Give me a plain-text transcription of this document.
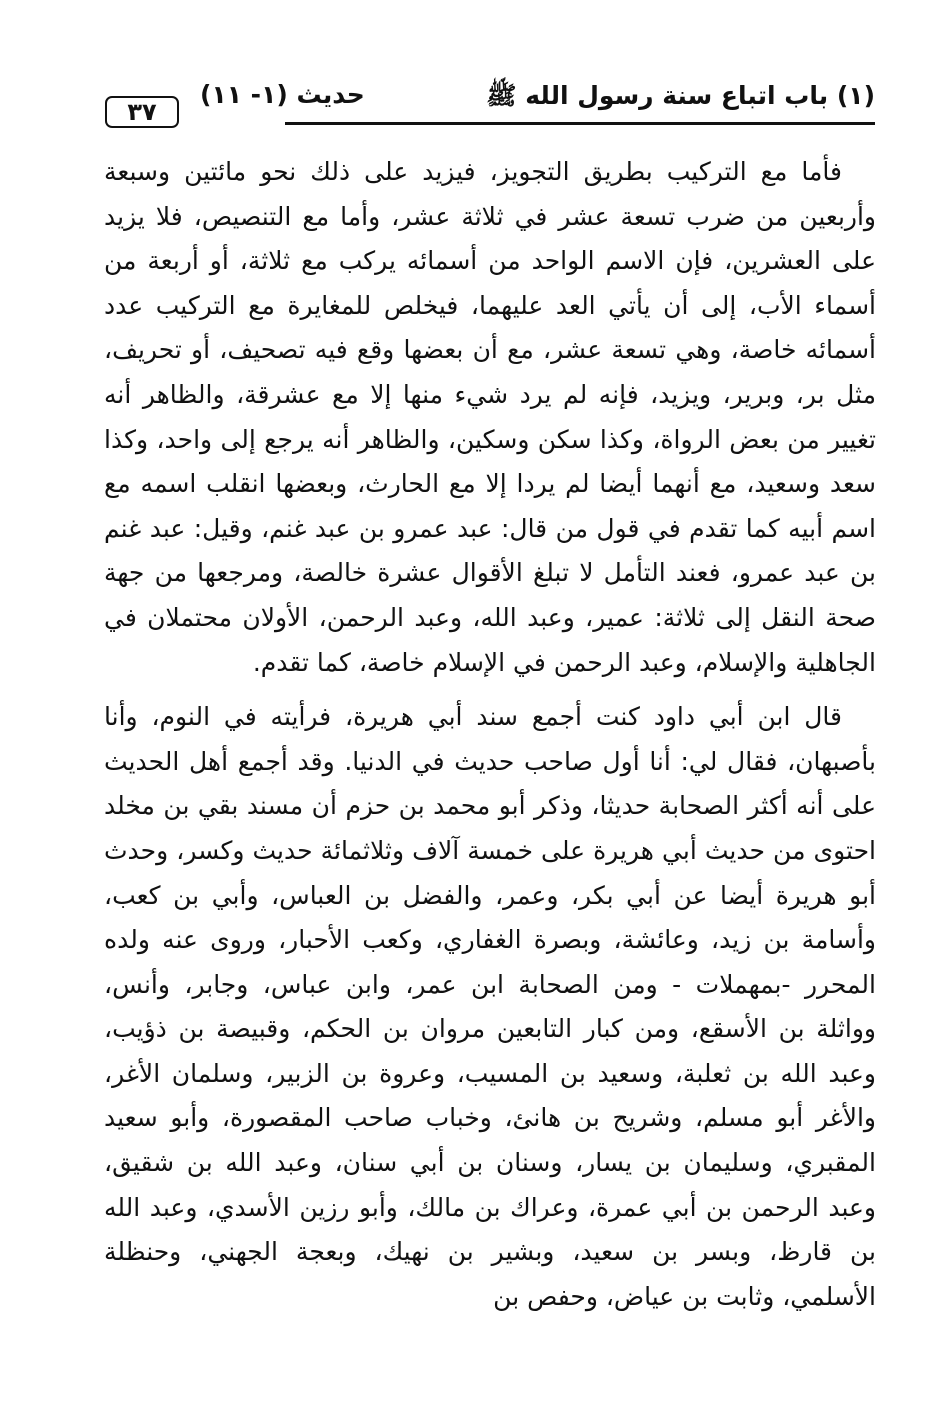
٣٧
حديث (١- ١١)	(١) باب اتباع سنة رسول الله ﷺ

فأما مع التركيب بطريق التجويز، فيزيد على ذلك نحو مائتين وسبعة وأربعين من ضرب تسعة عشر في ثلاثة عشر، وأما مع التنصيص، فلا يزيد على العشرين، فإن الاسم الواحد من أسمائه يركب مع ثلاثة، أو أربعة من أسماء الأب، إلى أن يأتي العد عليهما، فيخلص للمغايرة مع التركيب عدد أسمائه خاصة، وهي تسعة عشر، مع أن بعضها وقع فيه تصحيف، أو تحريف، مثل بر، وبرير، ويزيد، فإنه لم يرد شيء منها إلا مع عشرقة، والظاهر أنه تغيير من بعض الرواة، وكذا سكن وسكين، والظاهر أنه يرجع إلى واحد، وكذا سعد وسعيد، مع أنهما أيضا لم يردا إلا مع الحارث، وبعضها انقلب اسمه مع اسم أبيه كما تقدم في قول من قال: عبد عمرو بن عبد غنم، وقيل: عبد غنم بن عبد عمرو، فعند التأمل لا تبلغ الأقوال عشرة خالصة، ومرجعها من جهة صحة النقل إلى ثلاثة: عمير، وعبد الله، وعبد الرحمن، الأولان محتملان في الجاهلية والإسلام، وعبد الرحمن في الإسلام خاصة، كما تقدم.

قال ابن أبي داود كنت أجمع سند أبي هريرة، فرأيته في النوم، وأنا بأصبهان، فقال لي: أنا أول صاحب حديث في الدنيا. وقد أجمع أهل الحديث على أنه أكثر الصحابة حديثا، وذكر أبو محمد بن حزم أن مسند بقي بن مخلد احتوى من حديث أبي هريرة على خمسة آلاف وثلاثمائة حديث وكسر، وحدث أبو هريرة أيضا عن أبي بكر، وعمر، والفضل بن العباس، وأبي بن كعب، وأسامة بن زيد، وعائشة، وبصرة الغفاري، وكعب الأحبار، وروى عنه ولده المحرر -بمهملات - ومن الصحابة ابن عمر، وابن عباس، وجابر، وأنس، وواثلة بن الأسقع، ومن كبار التابعين مروان بن الحكم، وقبيصة بن ذؤيب، وعبد الله بن ثعلبة، وسعيد بن المسيب، وعروة بن الزبير، وسلمان الأغر، والأغر أبو مسلم، وشريح بن هانئ، وخباب صاحب المقصورة، وأبو سعيد المقبري، وسليمان بن يسار، وسنان بن أبي سنان، وعبد الله بن شقيق، وعبد الرحمن بن أبي عمرة، وعراك بن مالك، وأبو رزين الأسدي، وعبد الله بن قارظ، وبسر بن سعيد، وبشير بن نهيك، وبعجة الجهني، وحنظلة الأسلمي، وثابت بن عياض، وحفص بن
